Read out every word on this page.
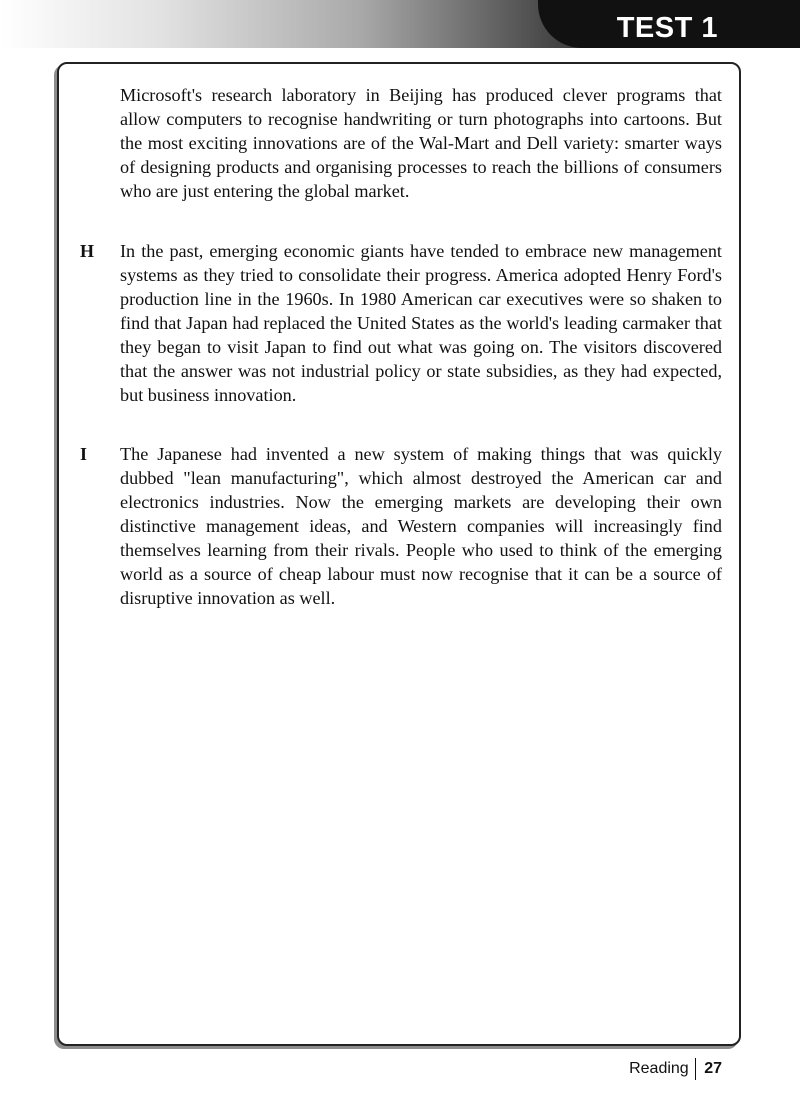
TEST 1
Microsoft's research laboratory in Beijing has produced clever programs that allow computers to recognise handwriting or turn photographs into cartoons. But the most exciting innovations are of the Wal-Mart and Dell variety: smarter ways of designing products and organising processes to reach the billions of consumers who are just entering the global market.
H In the past, emerging economic giants have tended to embrace new management systems as they tried to consolidate their progress. America adopted Henry Ford's production line in the 1960s. In 1980 American car executives were so shaken to find that Japan had replaced the United States as the world's leading carmaker that they began to visit Japan to find out what was going on. The visitors discovered that the answer was not industrial policy or state subsidies, as they had expected, but business innovation.
I The Japanese had invented a new system of making things that was quickly dubbed "lean manufacturing", which almost destroyed the American car and electronics industries. Now the emerging markets are developing their own distinctive management ideas, and Western companies will increasingly find themselves learning from their rivals. People who used to think of the emerging world as a source of cheap labour must now recognise that it can be a source of disruptive innovation as well.
Reading 27
